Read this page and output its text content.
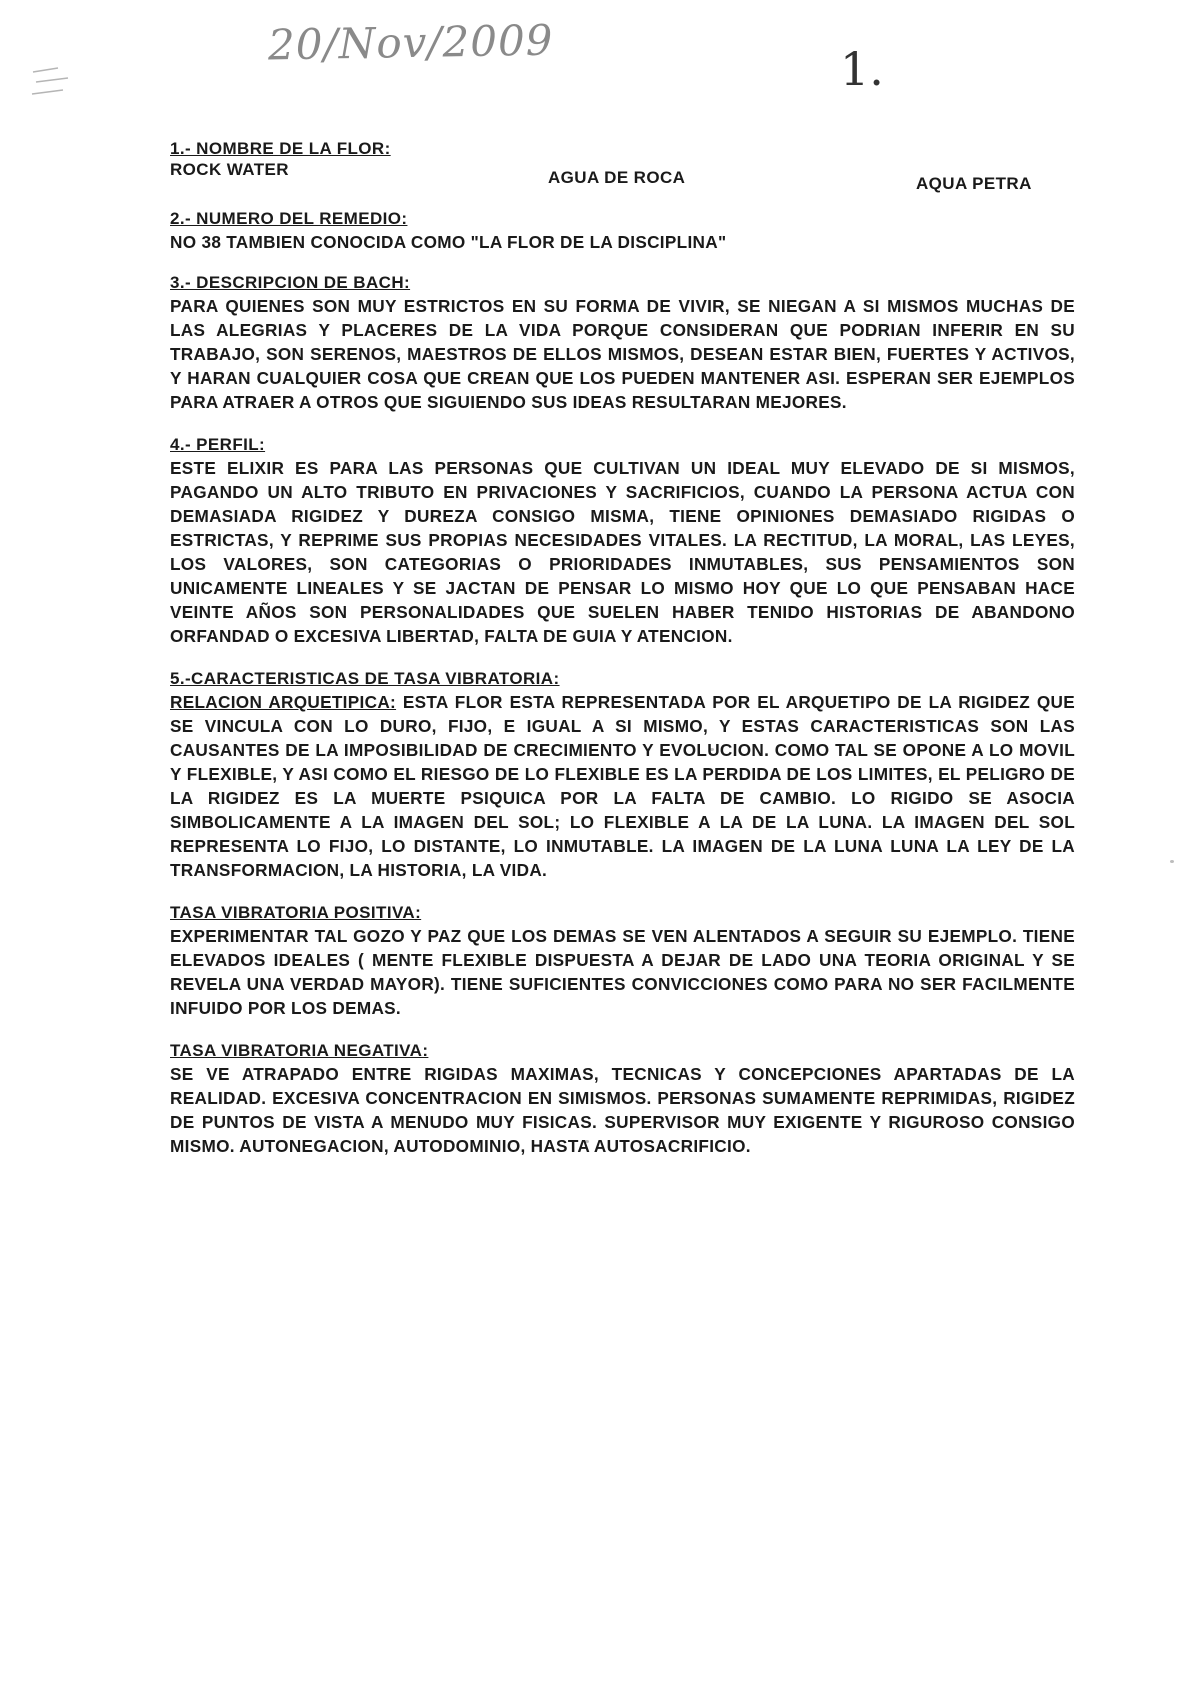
20/Nov/2009	1.

1.- NOMBRE DE LA FLOR:

ROCK WATER	AGUA DE ROCA	AQUA PETRA

2.- NUMERO DEL REMEDIO:

NO 38 TAMBIEN CONOCIDA COMO "LA FLOR DE LA DISCIPLINA"

3.- DESCRIPCION DE BACH:

PARA QUIENES SON MUY ESTRICTOS EN SU FORMA DE VIVIR, SE NIEGAN A SI MISMOS MUCHAS DE LAS ALEGRIAS Y PLACERES DE LA VIDA PORQUE CONSIDERAN QUE PODRIAN INFERIR EN SU TRABAJO, SON SERENOS, MAESTROS DE ELLOS MISMOS, DESEAN ESTAR BIEN, FUERTES Y ACTIVOS, Y HARAN CUALQUIER COSA QUE CREAN QUE LOS PUEDEN MANTENER ASI. ESPERAN SER EJEMPLOS PARA ATRAER A OTROS QUE SIGUIENDO SUS IDEAS RESULTARAN MEJORES.

4.- PERFIL:

ESTE ELIXIR ES PARA LAS PERSONAS QUE CULTIVAN UN IDEAL MUY ELEVADO DE SI MISMOS, PAGANDO UN ALTO TRIBUTO EN PRIVACIONES Y SACRIFICIOS, CUANDO LA PERSONA ACTUA CON DEMASIADA RIGIDEZ Y DUREZA CONSIGO MISMA, TIENE OPINIONES DEMASIADO RIGIDAS O ESTRICTAS, Y REPRIME SUS PROPIAS NECESIDADES VITALES. LA RECTITUD, LA MORAL, LAS LEYES, LOS VALORES, SON CATEGORIAS O PRIORIDADES INMUTABLES, SUS PENSAMIENTOS SON UNICAMENTE LINEALES Y SE JACTAN DE PENSAR LO MISMO HOY QUE LO QUE PENSABAN HACE VEINTE AÑOS SON PERSONALIDADES QUE SUELEN HABER TENIDO HISTORIAS DE ABANDONO ORFANDAD O EXCESIVA LIBERTAD, FALTA DE GUIA Y ATENCION.

5.-CARACTERISTICAS DE TASA VIBRATORIA:

RELACION ARQUETIPICA: ESTA FLOR ESTA REPRESENTADA POR EL ARQUETIPO DE LA RIGIDEZ QUE SE VINCULA CON LO DURO, FIJO, E IGUAL A SI MISMO, Y ESTAS CARACTERISTICAS SON LAS CAUSANTES DE LA IMPOSIBILIDAD DE CRECIMIENTO Y EVOLUCION. COMO TAL SE OPONE A LO MOVIL Y FLEXIBLE, Y ASI COMO EL RIESGO DE LO FLEXIBLE ES LA PERDIDA DE LOS LIMITES, EL PELIGRO DE LA RIGIDEZ ES LA MUERTE PSIQUICA POR LA FALTA DE CAMBIO. LO RIGIDO SE ASOCIA SIMBOLICAMENTE A LA IMAGEN DEL SOL; LO FLEXIBLE A LA DE LA LUNA. LA IMAGEN DEL SOL REPRESENTA LO FIJO, LO DISTANTE, LO INMUTABLE. LA IMAGEN DE LA LUNA LUNA LA LEY DE LA TRANSFORMACION, LA HISTORIA, LA VIDA.

TASA VIBRATORIA POSITIVA:

EXPERIMENTAR TAL GOZO Y PAZ QUE LOS DEMAS SE VEN ALENTADOS A SEGUIR SU EJEMPLO. TIENE ELEVADOS IDEALES ( MENTE FLEXIBLE DISPUESTA A DEJAR DE LADO UNA TEORIA ORIGINAL Y SE REVELA UNA VERDAD MAYOR). TIENE SUFICIENTES CONVICCIONES COMO PARA NO SER FACILMENTE INFUIDO POR LOS DEMAS.

TASA VIBRATORIA NEGATIVA:

SE VE ATRAPADO ENTRE RIGIDAS MAXIMAS, TECNICAS Y CONCEPCIONES APARTADAS DE LA REALIDAD. EXCESIVA CONCENTRACION EN SIMISMOS. PERSONAS SUMAMENTE REPRIMIDAS, RIGIDEZ DE PUNTOS DE VISTA A MENUDO MUY FISICAS. SUPERVISOR MUY EXIGENTE Y RIGUROSO CONSIGO MISMO. AUTONEGACION, AUTODOMINIO, HASTA AUTOSACRIFICIO.
